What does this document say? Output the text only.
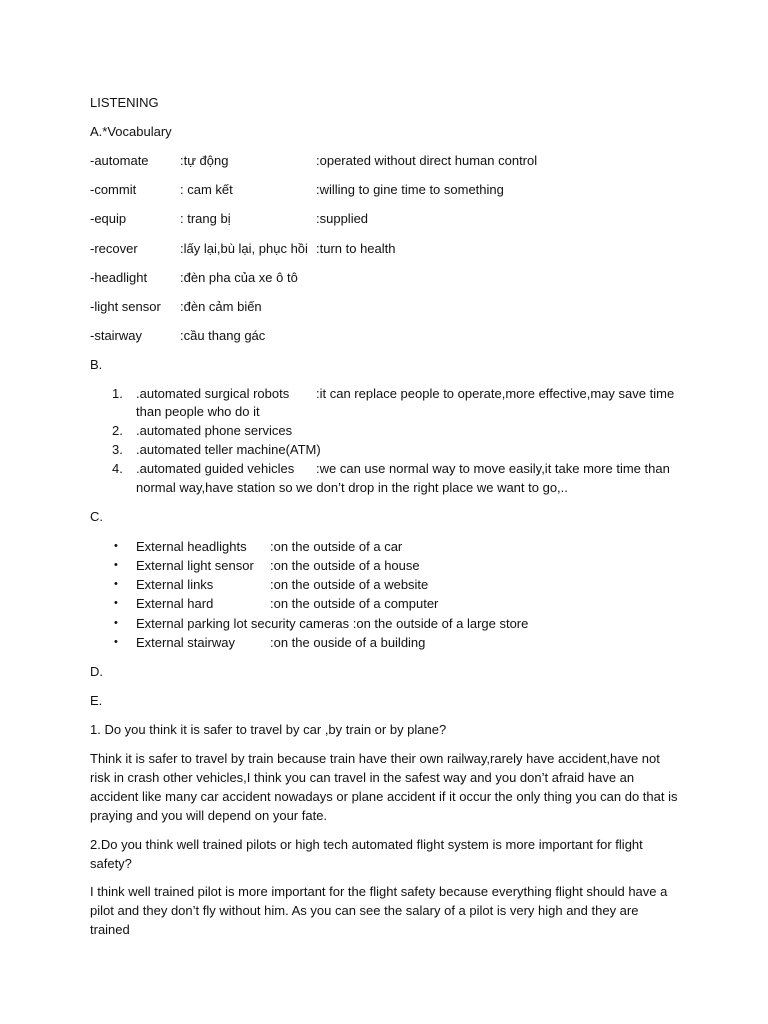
LISTENING
A.*Vocabulary
-automate :tự động	:operated without direct human control
-commit	: cam kết	:willing to gine time to something
-equip	: trang bị	:supplied
-recover	:lấy lại,bù lại, phục hồi :turn to health
-headlight	:đèn pha của xe ô tô
-light sensor :đèn cảm biến
-stairway	:cầu thang gác
B.
1. .automated surgical robots :it can replace people to operate,more effective,may save time
than people who do it
2. .automated phone services
3. .automated teller machine(ATM)
4. .automated guided vehicles :we can use normal way to move easily,it take more time than
normal way,have station so we don’t drop in the right place we want to go,..
C.
• External headlights :on the outside of a car
• External light sensor :on the outside of a house
• External links	:on the outside of a website
• External hard	:on the outside of a computer
• External parking lot security cameras :on the outside of a large store
• External stairway	:on the ouside of a building
D.
E.
1. Do you think it is safer to travel by car ,by train or by plane?
Think it is safer to travel by train because train have their own railway,rarely have accident,have not risk in crash other vehicles,I think you can travel in the safest way and you don’t afraid have an accident like many car accident nowadays or plane accident if it occur the only thing you can do that is praying and you will depend on your fate.
2.Do you think well trained pilots or high tech automated flight system is more important for flight safety?
I think well trained pilot is more important for the flight safety because everything flight should have a pilot and they don’t fly without him. As you can see the salary of a pilot is very high and they are trained
